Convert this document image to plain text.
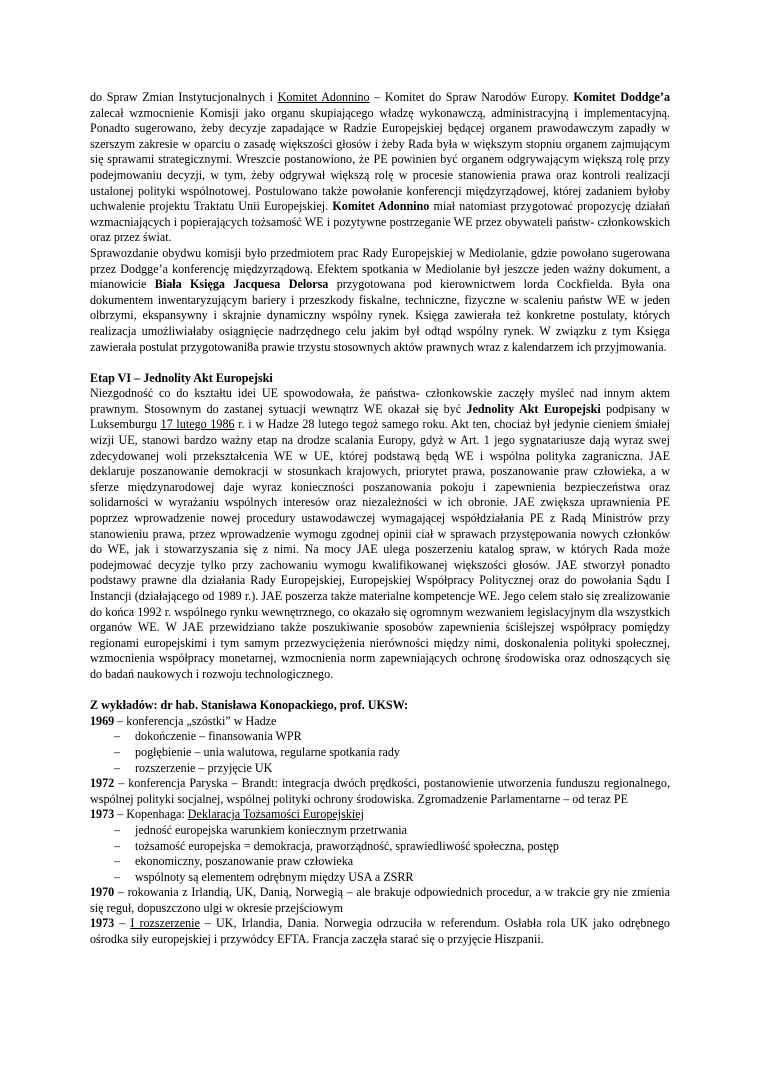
do Spraw Zmian Instytucjonalnych i Komitet Adonnino – Komitet do Spraw Narodów Europy. Komitet Doddge’a zalecał wzmocnienie Komisji jako organu skupiającego władzę wykonawczą, administracyjną i implementacyjną. Ponadto sugerowano, żeby decyzje zapadające w Radzie Europejskiej będącej organem prawodawczym zapadły w szerszym zakresie w oparciu o zasadę większości głosów i żeby Rada była w większym stopniu organem zajmującym się sprawami strategicznymi. Wreszcie postanowiono, że PE powinien być organem odgrywającym większą rolę przy podejmowaniu decyzji, w tym, żeby odgrywał większą rolę w procesie stanowienia prawa oraz kontroli realizacji ustalonej polityki wspólnotowej. Postulowano także powołanie konferencji międzyrządowej, której zadaniem byłoby uchwalenie projektu Traktatu Unii Europejskiej. Komitet Adonnino miał natomiast przygotować propozycję działań wzmacniających i popierających tożsamość WE i pozytywne postrzeganie WE przez obywateli państw- członkowskich oraz przez świat.

Sprawozdanie obydwu komisji było przedmiotem prac Rady Europejskiej w Mediolanie, gdzie powołano sugerowana przez Dodgge’a konferencję międzyrządową. Efektem spotkania w Mediolanie był jeszcze jeden ważny dokument, a mianowicie Biała Księga Jacquesa Delorsa przygotowana pod kierownictwem lorda Cockfielda. Była ona dokumentem inwentaryzującym bariery i przeszkody fiskalne, techniczne, fizyczne w scaleniu państw WE w jeden olbrzymi, ekspansywny i skrajnie dynamiczny wspólny rynek. Księga zawierała też konkretne postulaty, których realizacja umożliwiałaby osiągnięcie nadrzędnego celu jakim był odtąd wspólny rynek. W związku z tym Księga zawierała postulat przygotowani8a prawie trzystu stosownych aktów prawnych wraz z kalendarzem ich przyjmowania.

Etap VI – Jednolity Akt Europejski

Niezgodność co do kształtu idei UE spowodowała, że państwa- członkowskie zaczęły myśleć nad innym aktem prawnym. Stosownym do zastanej sytuacji wewnątrz WE okazał się być Jednolity Akt Europejski podpisany w Luksemburgu 17 lutego 1986 r. i w Hadze 28 lutego tegoż samego roku. Akt ten, chociaż był jedynie cieniem śmiałej wizji UE, stanowi bardzo ważny etap na drodze scalania Europy, gdyż w Art. 1 jego sygnatariusze dają wyraz swej zdecydowanej woli przekształcenia WE w UE, której podstawą będą WE i wspólna polityka zagraniczna. JAE deklaruje poszanowanie demokracji w stosunkach krajowych, priorytet prawa, poszanowanie praw człowieka, a w sferze międzynarodowej daje wyraz konieczności poszanowania pokoju i zapewnienia bezpieczeństwa oraz solidarności w wyrażaniu wspólnych interesów oraz niezależności w ich obronie. JAE zwiększa uprawnienia PE poprzez wprowadzenie nowej procedury ustawodawczej wymagającej współdziałania PE z Radą Ministrów przy stanowieniu prawa, przez wprowadzenie wymogu zgodnej opinii ciał w sprawach przystępowania nowych członków do WE, jak i stowarzyszania się z nimi. Na mocy JAE ulega poszerzeniu katalog spraw, w których Rada może podejmować decyzje tylko przy zachowaniu wymogu kwalifikowanej większości głosów. JAE stworzył ponadto podstawy prawne dla działania Rady Europejskiej, Europejskiej Współpracy Politycznej oraz do powołania Sądu I Instancji (działającego od 1989 r.). JAE poszerza także materialne kompetencje WE. Jego celem stało się zrealizowanie do końca 1992 r. wspólnego rynku wewnętrznego, co okazało się ogromnym wezwaniem legislacyjnym dla wszystkich organów WE. W JAE przewidziano także poszukiwanie sposobów zapewnienia ściślejszej współpracy pomiędzy regionami europejskimi i tym samym przezwyciężenia nierówności między nimi, doskonalenia polityki społecznej, wzmocnienia współpracy monetarnej, wzmocnienia norm zapewniających ochronę środowiska oraz odnoszących się do badań naukowych i rozwoju technologicznego.

Z wykładów: dr hab. Stanisława Konopackiego, prof. UKSW:

1969 – konferencja „szóstki” w Hadze

– dokończenie – finansowania WPR
– pogłębienie – unia walutowa, regularne spotkania rady
– rozszerzenie – przyjęcie UK

1972 – konferencja Paryska – Brandt: integracja dwóch prędkości, postanowienie utworzenia funduszu regionalnego, wspólnej polityki socjalnej, wspólnej polityki ochrony środowiska. Zgromadzenie Parlamentarne – od teraz PE

1973 – Kopenhaga: Deklaracja Tożsamości Europejskiej

– jedność europejska warunkiem koniecznym przetrwania
– tożsamość europejska = demokracja, praworządność, sprawiedliwość społeczna, postęp
– ekonomiczny, poszanowanie praw człowieka
– wspólnoty są elementem odrębnym między USA a ZSRR

1970 – rokowania z Irlandią, UK, Danią, Norwegią – ale brakuje odpowiednich procedur, a w trakcie gry nie zmienia się reguł, dopuszczono ulgi w okresie przejściowym

1973 – I rozszerzenie – UK, Irlandia, Dania. Norwegia odrzuciła w referendum. Osłabła rola UK jako odrębnego ośrodka siły europejskiej i przywódcy EFTA. Francja zaczęła starać się o przyjęcie Hiszpanii.
